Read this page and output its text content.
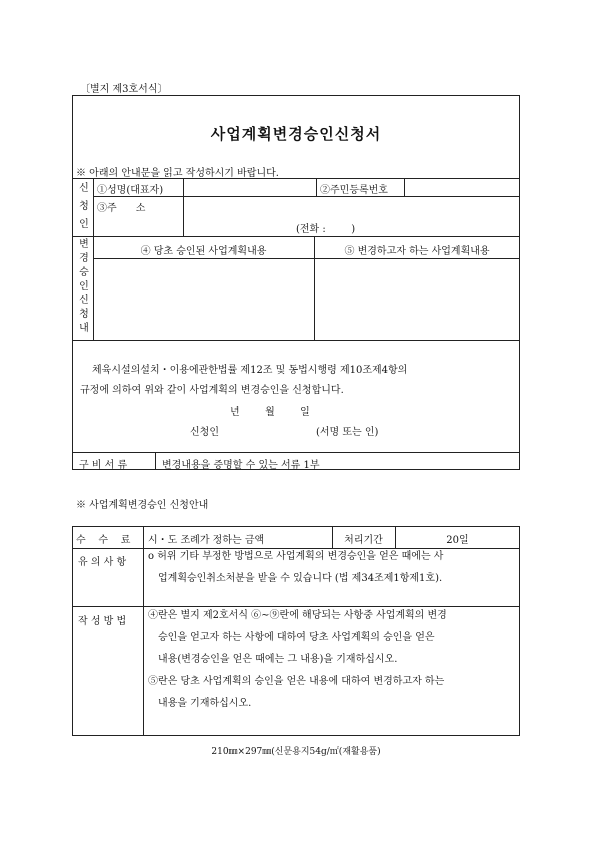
〔별지 제3호서식〕
사업계획변경승인신청서
※ 아래의 안내문을 읽고 작성하시기 바랍니다.
신
청
인
①성명(대표자)	②주민등록번호
③주      소
(전화 :        )
변
경
승
인
신
청
내
④ 당초 승인된 사업계획내용	⑤ 변경하고자 하는 사업계획내용
체육시설의설치・이용에관한법률 제12조 및 동법시행령 제10조제4항의
규정에 의하여 위와 같이 사업계획의 변경승인을 신청합니다.
년        월        일
신청인	(서명 또는 인)
구 비 서 류	변경내용을 증명할 수 있는 서류 1부
※ 사업계획변경승인 신청안내
수    수    료 시・도 조례가 정하는 금액	처리기간	20일
유 의 사 항
o 허위 기타 부정한 방법으로 사업계획의 변경승인을 얻은 때에는 사
업계획승인취소처분을 받을 수 있습니다 (법 제34조제1항제1호).
작 성 방 법
④란은 별지 제2호서식 ⑥∼⑨란에 해당되는 사항중 사업계획의 변경
승인을 얻고자 하는 사항에 대하여 당초 사업계획의 승인을 얻은
내용(변경승인을 얻은 때에는 그 내용)을 기재하십시오.
⑤란은 당초 사업계획의 승인을 얻은 내용에 대하여 변경하고자 하는
내용을 기재하십시오.
210㎜×297㎜(신문용지54g/㎡(재활용품)
